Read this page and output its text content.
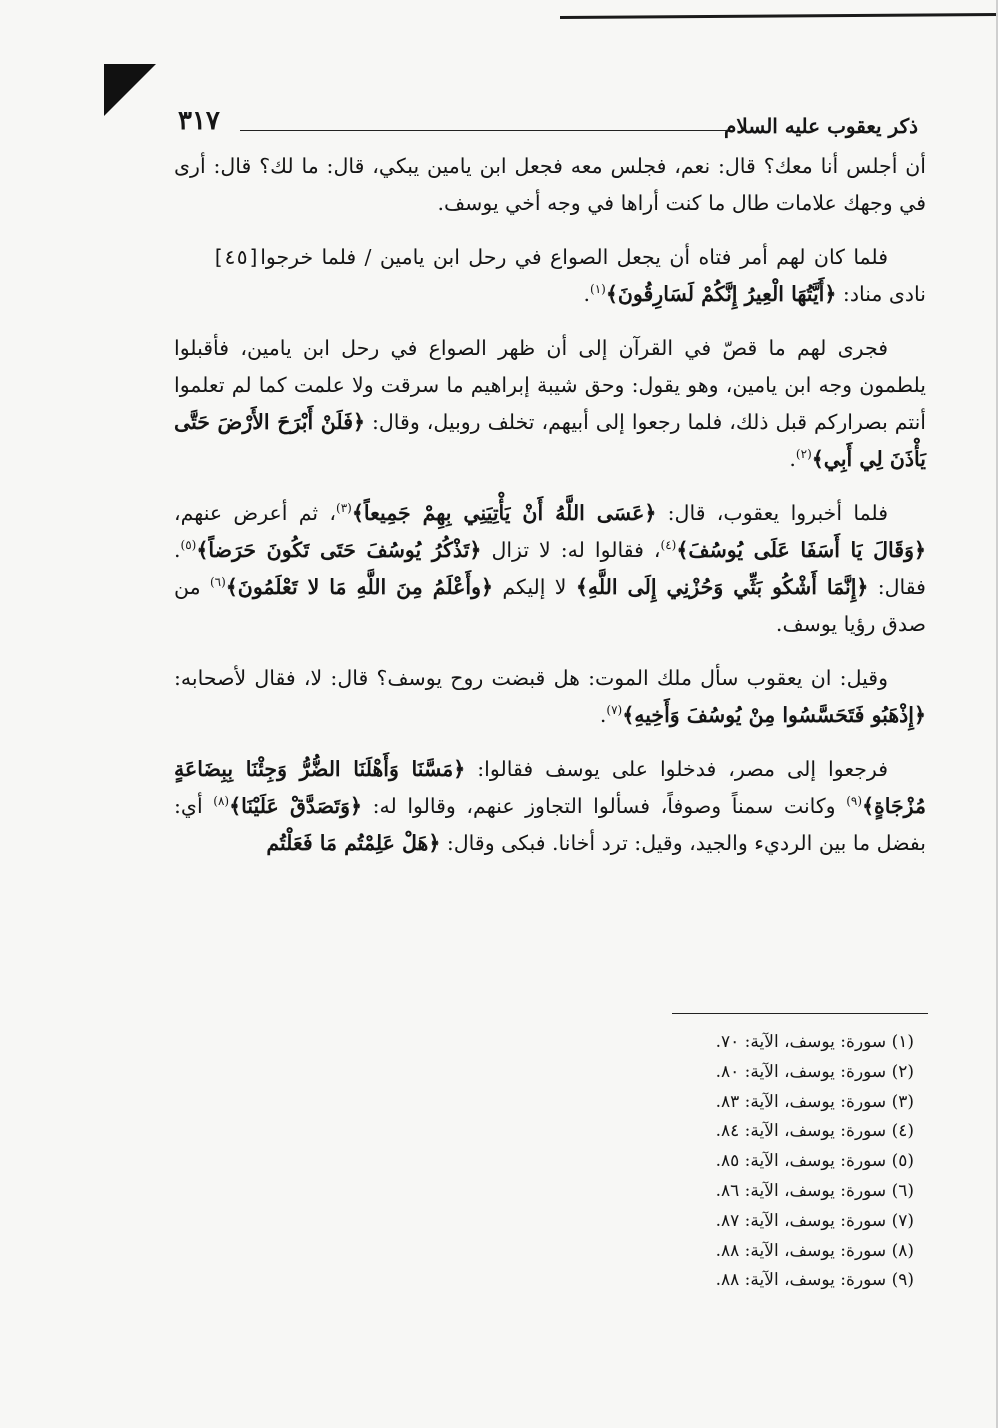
ذكر يعقوب عليه السلام
٣١٧

أن أجلس أنا معك؟ قال: نعم، فجلس معه فجعل ابن يامين يبكي، قال: ما لك؟ قال: أرى في وجهك علامات طال ما كنت أراها في وجه أخي يوسف.

[٤٥] فلما كان لهم أمر فتاه أن يجعل الصواع في رحل ابن يامين / فلما خرجوا نادى مناد: ﴿أَيَّتُهَا الْعِيرُ إِنَّكُمْ لَسَارِقُونَ﴾$^{(١)}$.

فجرى لهم ما قصّ في القرآن إلى أن ظهر الصواع في رحل ابن يامين، فأقبلوا يلطمون وجه ابن يامين، وهو يقول: وحق شيبة إبراهيم ما سرقت ولا علمت كما لم تعلموا أنتم بصراركم قبل ذلك، فلما رجعوا إلى أبيهم، تخلف روبيل، وقال: ﴿فَلَنْ أَبْرَحَ الأَرْضَ حَتَّى يَأْذَنَ لِي أَبِي﴾$^{(٢)}$.

فلما أخبروا يعقوب، قال: ﴿عَسَى اللَّهُ أَنْ يَأْتِيَنِي بِهِمْ جَمِيعاً﴾$^{(٣)}$، ثم أعرض عنهم، ﴿وَقَالَ يَا أَسَفَا عَلَى يُوسُفَ﴾$^{(٤)}$، فقالوا له: لا تزال ﴿تَذْكُرُ يُوسُفَ حَتَى تَكُونَ حَرَضاً﴾$^{(٥)}$. فقال: ﴿إِنَّمَا أَشْكُو بَثِّي وَحُزْنِي إِلَى اللَّهِ﴾ لا إليكم ﴿وأَعْلَمُ مِنَ اللَّهِ مَا لا تَعْلَمُونَ﴾$^{(٦)}$ من صدق رؤيا يوسف.

وقيل: ان يعقوب سأل ملك الموت: هل قبضت روح يوسف؟ قال: لا، فقال لأصحابه: ﴿إِذْهَبُو فَتَحَسَّسُوا مِنْ يُوسُفَ وَأَخِيهِ﴾$^{(٧)}$.

فرجعوا إلى مصر، فدخلوا على يوسف فقالوا: ﴿مَسَّنَا وَأَهْلَنَا الضُّرُّ وَجِئْنَا بِبِضَاعَةٍ مُزْجَاةٍ﴾$^{(٩)}$ وكانت سمناً وصوفاً، فسألوا التجاوز عنهم، وقالوا له: ﴿وَتَصَدَّقْ عَلَيْنَا﴾$^{(٨)}$ أي: بفضل ما بين الرديء والجيد، وقيل: ترد أخانا. فبكى وقال: ﴿هَلْ عَلِمْتُم مَا فَعَلْتُم

(١) سورة: يوسف، الآية: ٧٠.
(٢) سورة: يوسف، الآية: ٨٠.
(٣) سورة: يوسف، الآية: ٨٣.
(٤) سورة: يوسف، الآية: ٨٤.
(٥) سورة: يوسف، الآية: ٨٥.
(٦) سورة: يوسف، الآية: ٨٦.
(٧) سورة: يوسف، الآية: ٨٧.
(٨) سورة: يوسف، الآية: ٨٨.
(٩) سورة: يوسف، الآية: ٨٨.
